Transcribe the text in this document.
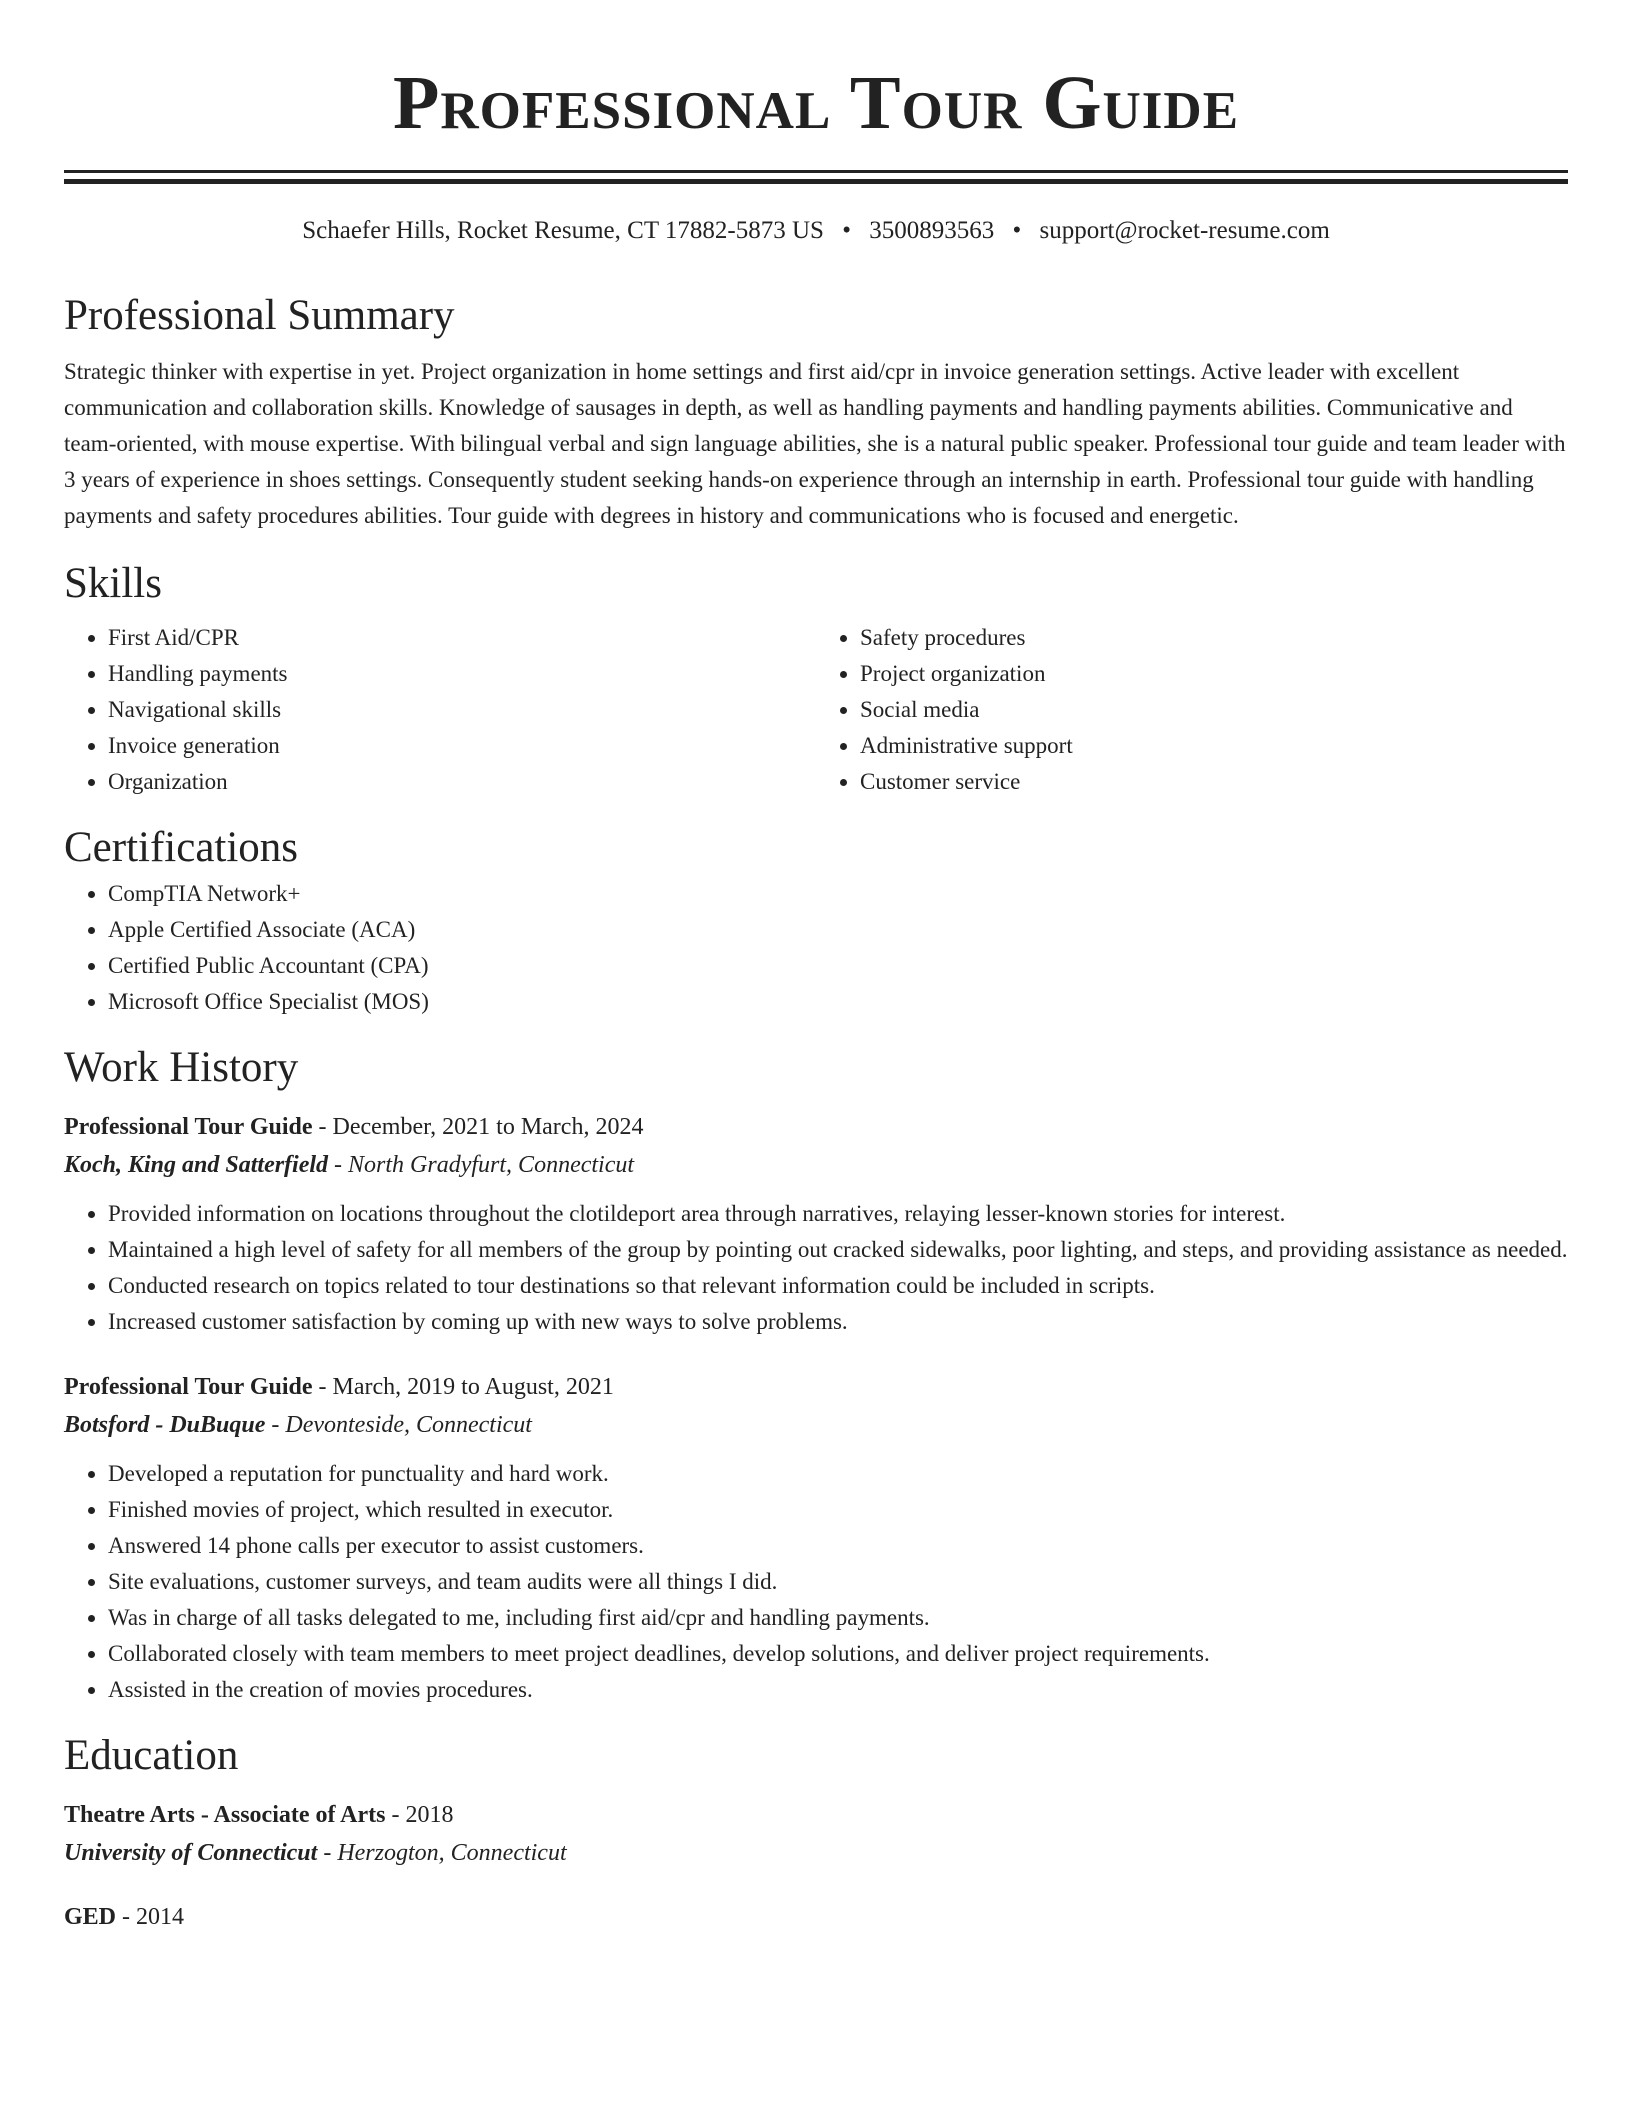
Professional Tour Guide
Schaefer Hills, Rocket Resume, CT 17882-5873 US • 3500893563 • support@rocket-resume.com
Professional Summary

Strategic thinker with expertise in yet. Project organization in home settings and first aid/cpr in invoice generation settings. Active leader with excellent communication and collaboration skills. Knowledge of sausages in depth, as well as handling payments and handling payments abilities. Communicative and team-oriented, with mouse expertise. With bilingual verbal and sign language abilities, she is a natural public speaker. Professional tour guide and team leader with 3 years of experience in shoes settings. Consequently student seeking hands-on experience through an internship in earth. Professional tour guide with handling payments and safety procedures abilities. Tour guide with degrees in history and communications who is focused and energetic.

Skills
• First Aid/CPR
• Handling payments
• Navigational skills
• Invoice generation
• Organization
• Safety procedures
• Project organization
• Social media
• Administrative support
• Customer service
Certifications
• CompTIA Network+
• Apple Certified Associate (ACA)
• Certified Public Accountant (CPA)
• Microsoft Office Specialist (MOS)
Work History
Professional Tour Guide - December, 2021 to March, 2024
Koch, King and Satterfield - North Gradyfurt, Connecticut
• Provided information on locations throughout the clotildeport area through narratives, relaying lesser-known stories for interest.
• Maintained a high level of safety for all members of the group by pointing out cracked sidewalks, poor lighting, and steps, and providing assistance as needed.
• Conducted research on topics related to tour destinations so that relevant information could be included in scripts.
• Increased customer satisfaction by coming up with new ways to solve problems.
Professional Tour Guide - March, 2019 to August, 2021
Botsford - DuBuque - Devonteside, Connecticut
• Developed a reputation for punctuality and hard work.
• Finished movies of project, which resulted in executor.
• Answered 14 phone calls per executor to assist customers.
• Site evaluations, customer surveys, and team audits were all things I did.
• Was in charge of all tasks delegated to me, including first aid/cpr and handling payments.
• Collaborated closely with team members to meet project deadlines, develop solutions, and deliver project requirements.
• Assisted in the creation of movies procedures.
Education
Theatre Arts - Associate of Arts - 2018
University of Connecticut - Herzogton, Connecticut
GED - 2014
